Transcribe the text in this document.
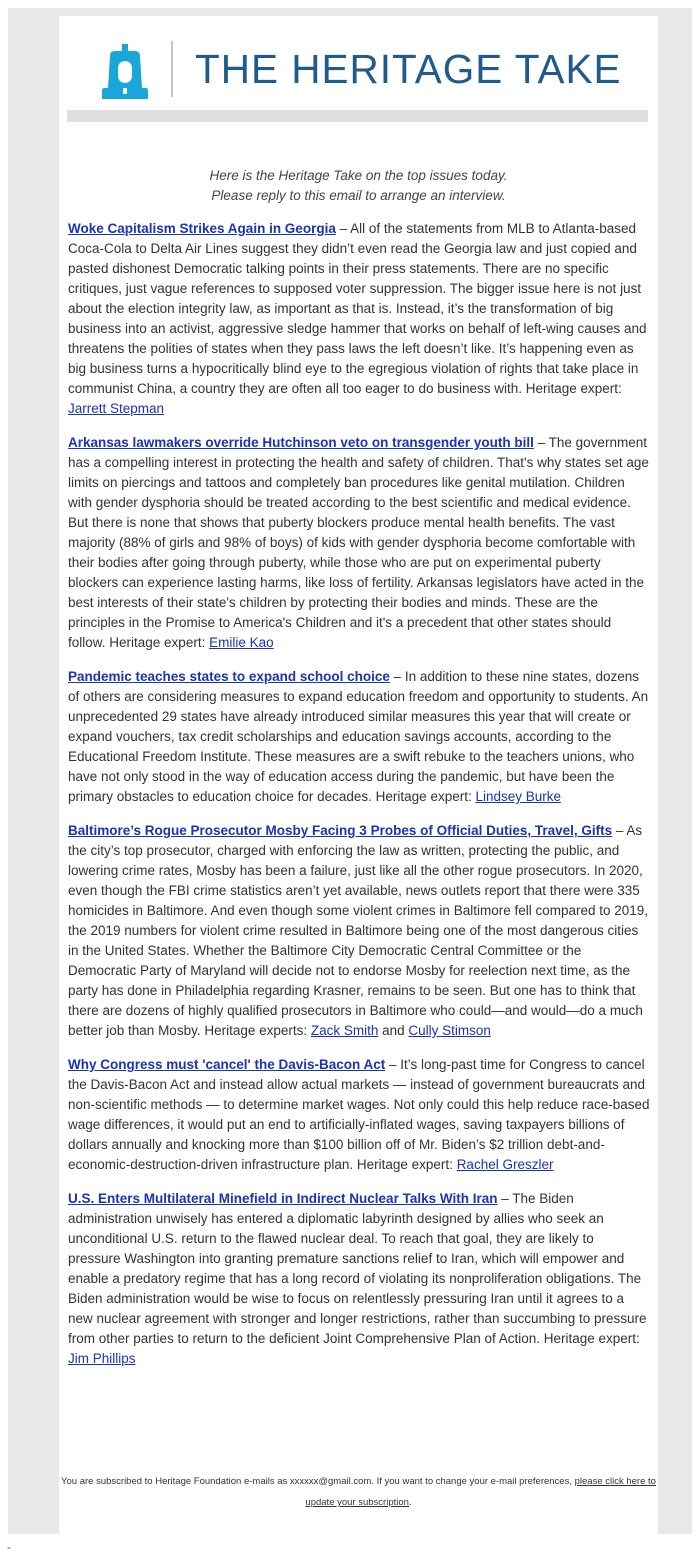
THE HERITAGE TAKE
Here is the Heritage Take on the top issues today.
Please reply to this email to arrange an interview.

Woke Capitalism Strikes Again in Georgia – All of the statements from MLB to Atlanta-based Coca-Cola to Delta Air Lines suggest they didn’t even read the Georgia law and just copied and pasted dishonest Democratic talking points in their press statements. There are no specific critiques, just vague references to supposed voter suppression. The bigger issue here is not just about the election integrity law, as important as that is. Instead, it’s the transformation of big business into an activist, aggressive sledge hammer that works on behalf of left-wing causes and threatens the polities of states when they pass laws the left doesn’t like. It’s happening even as big business turns a hypocritically blind eye to the egregious violation of rights that take place in communist China, a country they are often all too eager to do business with. Heritage expert: Jarrett Stepman

Arkansas lawmakers override Hutchinson veto on transgender youth bill – The government has a compelling interest in protecting the health and safety of children. That's why states set age limits on piercings and tattoos and completely ban procedures like genital mutilation. Children with gender dysphoria should be treated according to the best scientific and medical evidence. But there is none that shows that puberty blockers produce mental health benefits. The vast majority (88% of girls and 98% of boys) of kids with gender dysphoria become comfortable with their bodies after going through puberty, while those who are put on experimental puberty blockers can experience lasting harms, like loss of fertility. Arkansas legislators have acted in the best interests of their state's children by protecting their bodies and minds. These are the principles in the Promise to America's Children and it's a precedent that other states should follow. Heritage expert: Emilie Kao

Pandemic teaches states to expand school choice – In addition to these nine states, dozens of others are considering measures to expand education freedom and opportunity to students. An unprecedented 29 states have already introduced similar measures this year that will create or expand vouchers, tax credit scholarships and education savings accounts, according to the Educational Freedom Institute. These measures are a swift rebuke to the teachers unions, who have not only stood in the way of education access during the pandemic, but have been the primary obstacles to education choice for decades. Heritage expert: Lindsey Burke

Baltimore’s Rogue Prosecutor Mosby Facing 3 Probes of Official Duties, Travel, Gifts – As the city’s top prosecutor, charged with enforcing the law as written, protecting the public, and lowering crime rates, Mosby has been a failure, just like all the other rogue prosecutors. In 2020, even though the FBI crime statistics aren’t yet available, news outlets report that there were 335 homicides in Baltimore. And even though some violent crimes in Baltimore fell compared to 2019, the 2019 numbers for violent crime resulted in Baltimore being one of the most dangerous cities in the United States. Whether the Baltimore City Democratic Central Committee or the Democratic Party of Maryland will decide not to endorse Mosby for reelection next time, as the party has done in Philadelphia regarding Krasner, remains to be seen. But one has to think that there are dozens of highly qualified prosecutors in Baltimore who could—and would—do a much better job than Mosby. Heritage experts: Zack Smith and Cully Stimson

Why Congress must 'cancel' the Davis-Bacon Act – It’s long-past time for Congress to cancel the Davis-Bacon Act and instead allow actual markets — instead of government bureaucrats and non-scientific methods — to determine market wages. Not only could this help reduce race-based wage differences, it would put an end to artificially-inflated wages, saving taxpayers billions of dollars annually and knocking more than $100 billion off of Mr. Biden’s $2 trillion debt-and-economic-destruction-driven infrastructure plan. Heritage expert: Rachel Greszler

U.S. Enters Multilateral Minefield in Indirect Nuclear Talks With Iran – The Biden administration unwisely has entered a diplomatic labyrinth designed by allies who seek an unconditional U.S. return to the flawed nuclear deal. To reach that goal, they are likely to pressure Washington into granting premature sanctions relief to Iran, which will empower and enable a predatory regime that has a long record of violating its nonproliferation obligations. The Biden administration would be wise to focus on relentlessly pressuring Iran until it agrees to a new nuclear agreement with stronger and longer restrictions, rather than succumbing to pressure from other parties to return to the deficient Joint Comprehensive Plan of Action. Heritage expert: Jim Phillips

You are subscribed to Heritage Foundation e-mails as xxxxxx@gmail.com. If you want to change your e-mail preferences, please click here to update your subscription.
-
